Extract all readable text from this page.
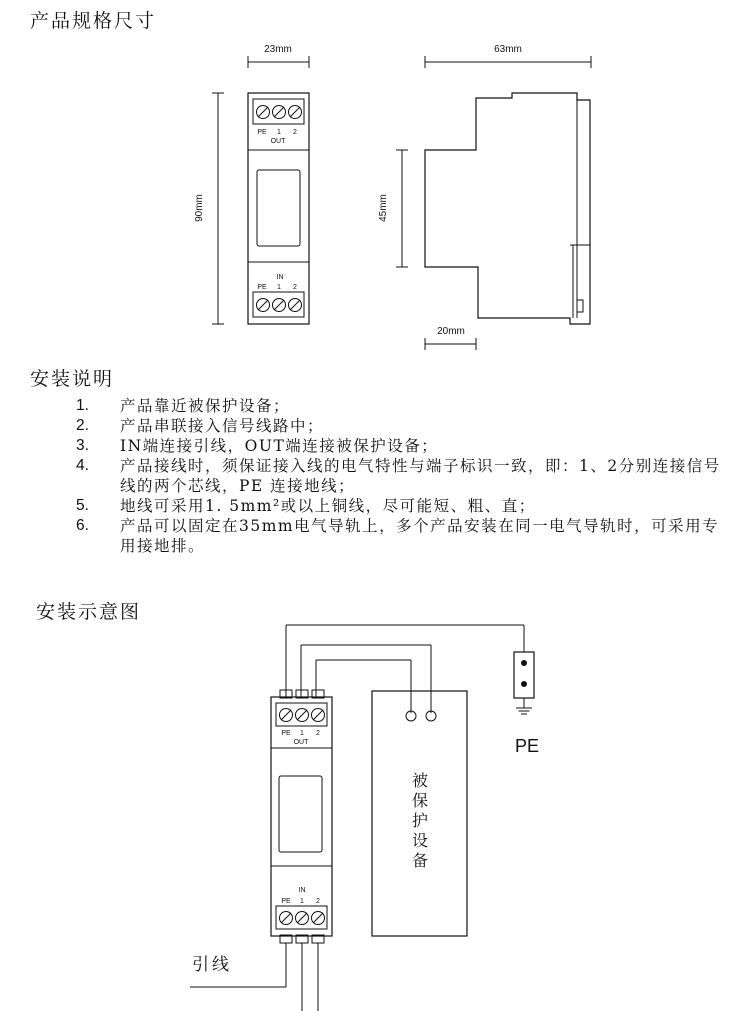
产品规格尺寸
安装说明
安装示意图
1.	产品靠近被保护设备；
2.	产品串联接入信号线路中；
3.	IN端连接引线，OUT端连接被保护设备；
4.	产品接线时，须保证接入线的电气特性与端子标识一致，即：1、2分别连接信号线的两个芯线，PE 连接地线；
5.	地线可采用1. 5mm²或以上铜线，尽可能短、粗、直；
6.	产品可以固定在35mm电气导轨上，多个产品安装在同一电气导轨时，可采用专用接地排。
23mm
90mm
PE 1 2
OUT
IN
PE 1 2
63mm
45mm
20mm
PE 1 2
OUT
IN
PE 1 2
引线
被
保
护
设
备
PE
